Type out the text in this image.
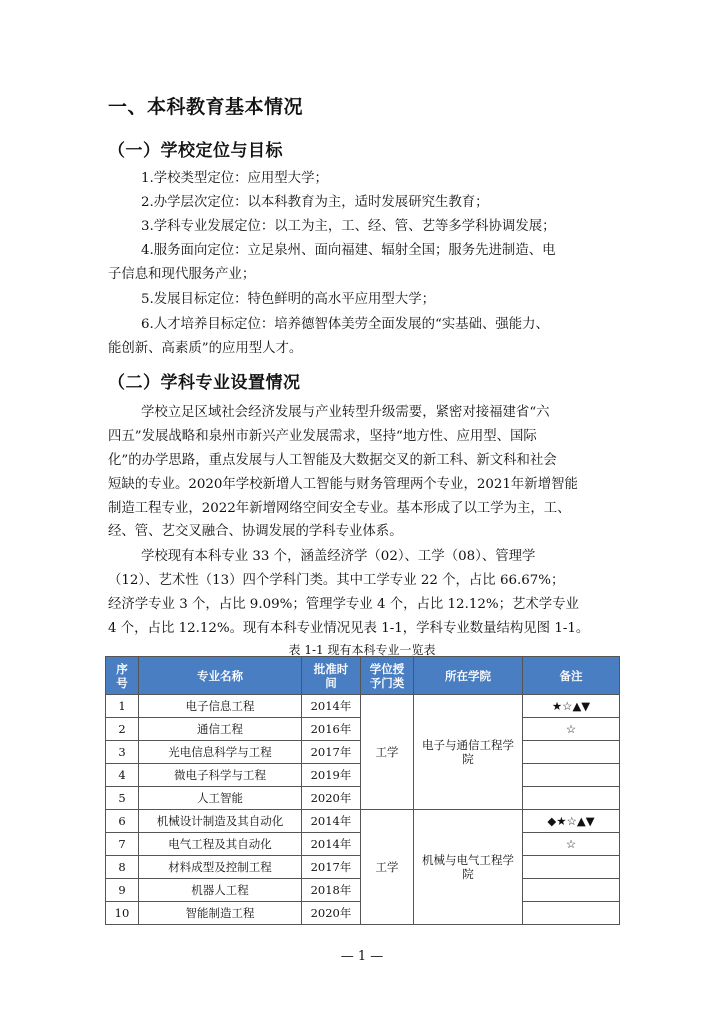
一、本科教育基本情况
（一）学校定位与目标
1.学校类型定位：应用型大学；
2.办学层次定位：以本科教育为主，适时发展研究生教育；
3.学科专业发展定位：以工为主，工、经、管、艺等多学科协调发展；
4.服务面向定位：立足泉州、面向福建、辐射全国；服务先进制造、电
子信息和现代服务产业；
5.发展目标定位：特色鲜明的高水平应用型大学；
6.人才培养目标定位：培养德智体美劳全面发展的“实基础、强能力、
能创新、高素质”的应用型人才。
（二）学科专业设置情况
学校立足区域社会经济发展与产业转型升级需要，紧密对接福建省“六
四五”发展战略和泉州市新兴产业发展需求，坚持“地方性、应用型、国际
化”的办学思路，重点发展与人工智能及大数据交叉的新工科、新文科和社会
短缺的专业。2020年学校新增人工智能与财务管理两个专业，2021年新增智能
制造工程专业，2022年新增网络空间安全专业。基本形成了以工学为主，工、
经、管、艺交叉融合、协调发展的学科专业体系。
学校现有本科专业 33 个，涵盖经济学（02）、工学（08）、管理学
（12）、艺术性（13）四个学科门类。其中工学专业 22 个，占比 66.67%；
经济学专业 3 个，占比 9.09%；管理学专业 4 个，占比 12.12%；艺术学专业
4 个，占比 12.12%。现有本科专业情况见表 1-1，学科专业数量结构见图 1-1。
表 1-1 现有本科专业一览表
序号	专业名称	批准时间	学位授予门类	所在学院	备注
1	电子信息工程	2014年	工学	电子与通信工程学院	★☆▲▼
2	通信工程	2016年			☆
3	光电信息科学与工程	2017年			
4	微电子科学与工程	2019年			
5	人工智能	2020年			
6	机械设计制造及其自动化	2014年	工学	机械与电气工程学院	◆★☆▲▼
7	电气工程及其自动化	2014年			☆
8	材料成型及控制工程	2017年			
9	机器人工程	2018年			
10	智能制造工程	2020年			
— 1 —
